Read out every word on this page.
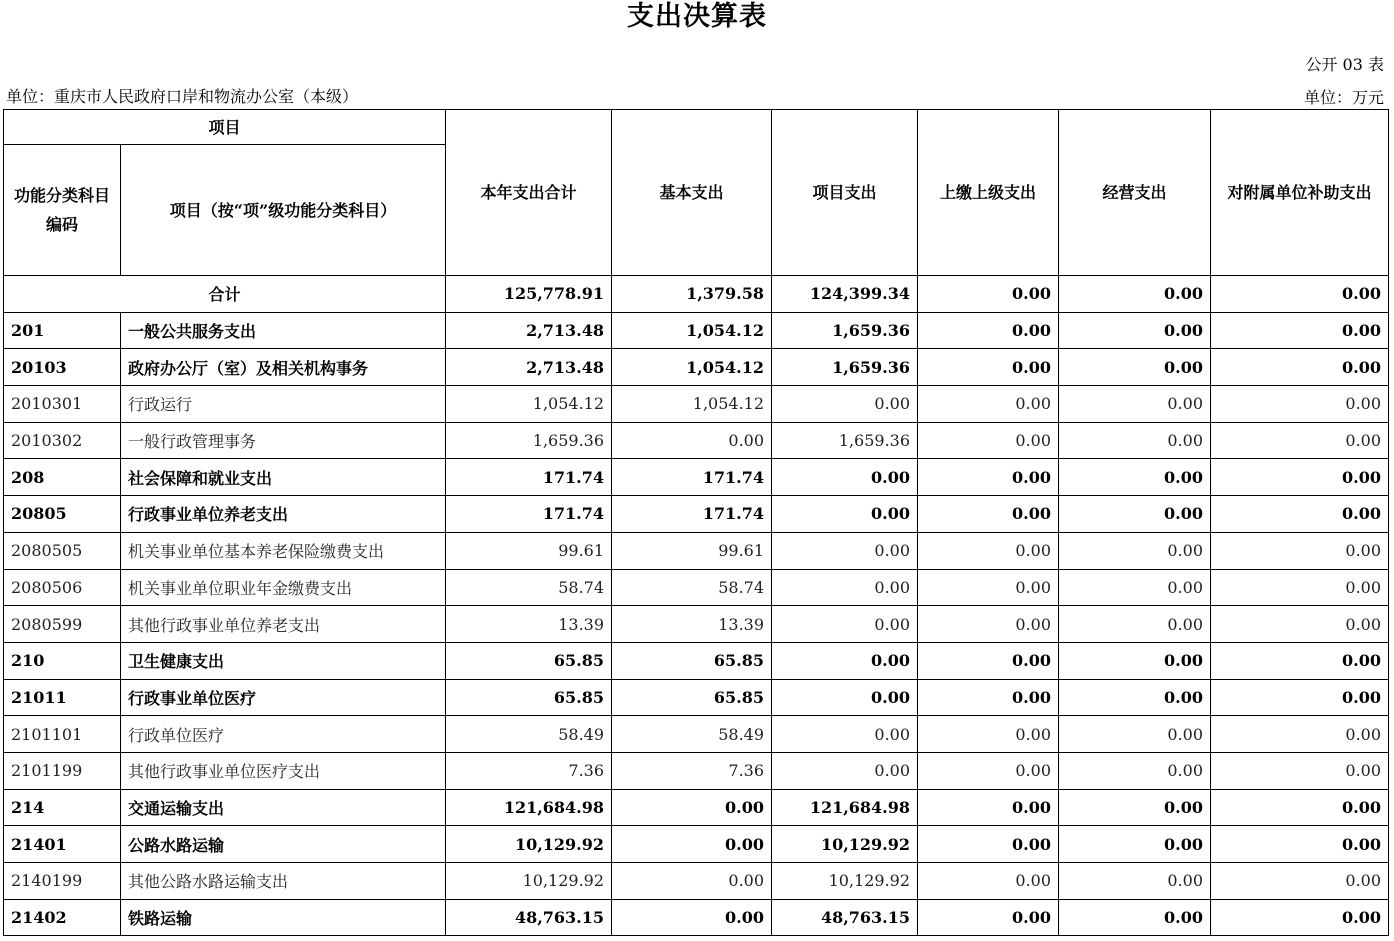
支出决算表
公开 03 表
单位：重庆市人民政府口岸和物流办公室（本级）	单位：万元
项目		本年支出合计	基本支出	项目支出	上缴上级支出	经营支出	对附属单位补助支出
功能分类科目编码	项目（按“项”级功能分类科目）						
合计		125,778.91	1,379.58	124,399.34	0.00	0.00	0.00
201	一般公共服务支出	2,713.48	1,054.12	1,659.36	0.00	0.00	0.00
20103	政府办公厅（室）及相关机构事务	2,713.48	1,054.12	1,659.36	0.00	0.00	0.00
2010301	行政运行	1,054.12	1,054.12	0.00	0.00	0.00	0.00
2010302	一般行政管理事务	1,659.36	0.00	1,659.36	0.00	0.00	0.00
208	社会保障和就业支出	171.74	171.74	0.00	0.00	0.00	0.00
20805	行政事业单位养老支出	171.74	171.74	0.00	0.00	0.00	0.00
2080505	机关事业单位基本养老保险缴费支出	99.61	99.61	0.00	0.00	0.00	0.00
2080506	机关事业单位职业年金缴费支出	58.74	58.74	0.00	0.00	0.00	0.00
2080599	其他行政事业单位养老支出	13.39	13.39	0.00	0.00	0.00	0.00
210	卫生健康支出	65.85	65.85	0.00	0.00	0.00	0.00
21011	行政事业单位医疗	65.85	65.85	0.00	0.00	0.00	0.00
2101101	行政单位医疗	58.49	58.49	0.00	0.00	0.00	0.00
2101199	其他行政事业单位医疗支出	7.36	7.36	0.00	0.00	0.00	0.00
214	交通运输支出	121,684.98	0.00	121,684.98	0.00	0.00	0.00
21401	公路水路运输	10,129.92	0.00	10,129.92	0.00	0.00	0.00
2140199	其他公路水路运输支出	10,129.92	0.00	10,129.92	0.00	0.00	0.00
21402	铁路运输	48,763.15	0.00	48,763.15	0.00	0.00	0.00
